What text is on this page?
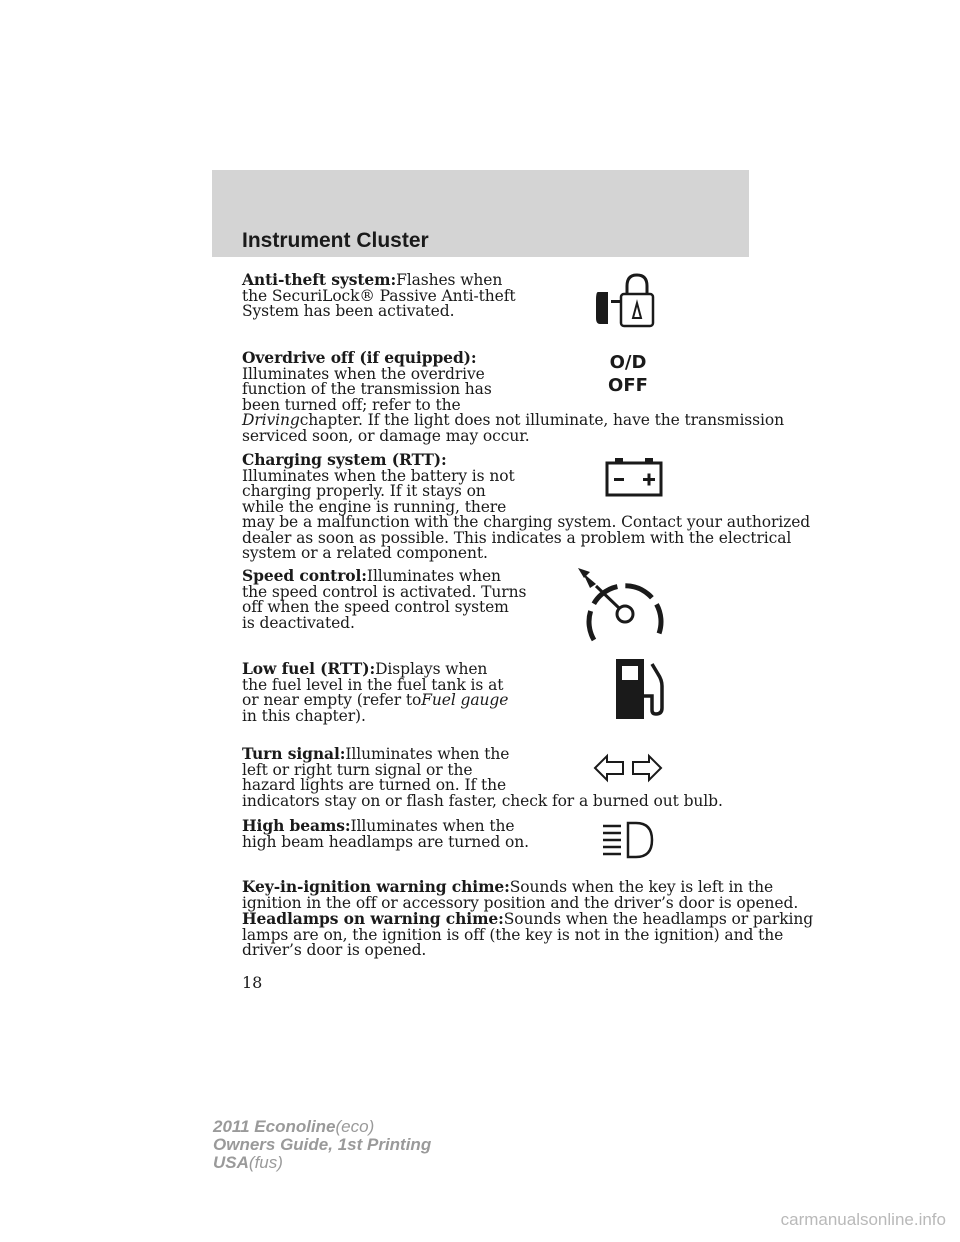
Instrument Cluster
Anti-theft system:Flashes when
the SecuriLock® Passive Anti-theft
System has been activated.
Overdrive off (if equipped):
Illuminates when the overdrive
function of the transmission has
been turned off; refer to the
Drivingchapter. If the light does not illuminate, have the transmission
serviced soon, or damage may occur.
O/D
OFF
Charging system (RTT):
Illuminates when the battery is not
charging properly. If it stays on
while the engine is running, there
may be a malfunction with the charging system. Contact your authorized
dealer as soon as possible. This indicates a problem with the electrical
system or a related component.
Speed control:Illuminates when
the speed control is activated. Turns
off when the speed control system
is deactivated.
Low fuel (RTT):Displays when
the fuel level in the fuel tank is at
or near empty (refer toFuel gauge
in this chapter).
Turn signal:Illuminates when the
left or right turn signal or the
hazard lights are turned on. If the
indicators stay on or flash faster, check for a burned out bulb.
High beams:Illuminates when the
high beam headlamps are turned on.
Key-in-ignition warning chime:Sounds when the key is left in the
ignition in the off or accessory position and the driver’s door is opened.
Headlamps on warning chime:Sounds when the headlamps or parking
lamps are on, the ignition is off (the key is not in the ignition) and the
driver’s door is opened.
18
2011 Econoline(eco)
Owners Guide, 1st Printing
USA(fus)
carmanualsonline.info
